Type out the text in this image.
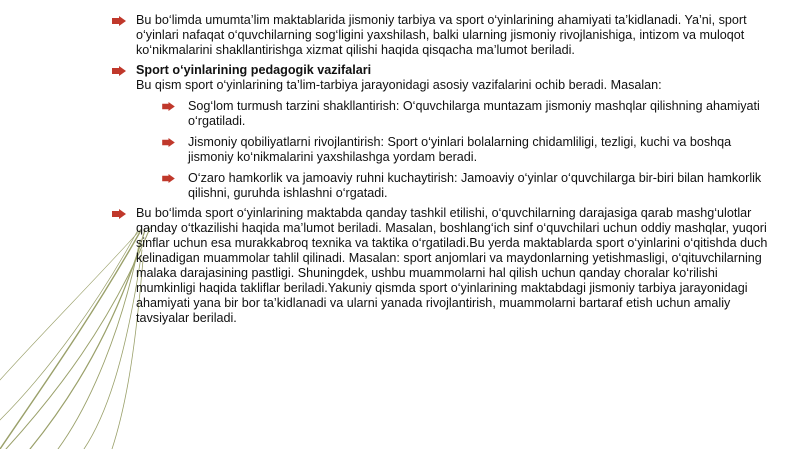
Bu bo‘limda umumta’lim maktablarida jismoniy tarbiya va sport o‘yinlarining ahamiyati ta’kidlanadi. Ya’ni, sport o‘yinlari nafaqat o‘quvchilarning sog‘ligini yaxshilash, balki ularning jismoniy rivojlanishiga, intizom va muloqot ko‘nikmalarini shakllantirishga xizmat qilishi haqida qisqacha ma’lumot beriladi.

Sport o‘yinlarining pedagogik vazifalari

Bu qism sport o‘yinlarining ta’lim-tarbiya jarayonidagi asosiy vazifalarini ochib beradi. Masalan:

Sog‘lom turmush tarzini shakllantirish: O‘quvchilarga muntazam jismoniy mashqlar qilishning ahamiyati o‘rgatiladi.

Jismoniy qobiliyatlarni rivojlantirish: Sport o‘yinlari bolalarning chidamliligi, tezligi, kuchi va boshqa jismoniy ko‘nikmalarini yaxshilashga yordam beradi.

O‘zaro hamkorlik va jamoaviy ruhni kuchaytirish: Jamoaviy o‘yinlar o‘quvchilarga bir-biri bilan hamkorlik qilishni, guruhda ishlashni o‘rgatadi.

Bu bo‘limda sport o‘yinlarining maktabda qanday tashkil etilishi, o‘quvchilarning darajasiga qarab mashg‘ulotlar qanday o‘tkazilishi haqida ma’lumot beriladi. Masalan, boshlang‘ich sinf o‘quvchilari uchun oddiy mashqlar, yuqori sinflar uchun esa murakkabroq texnika va taktika o‘rgatiladi.Bu yerda maktablarda sport o‘yinlarini o‘qitishda duch kelinadigan muammolar tahlil qilinadi. Masalan: sport anjomlari va maydonlarning yetishmasligi, o‘qituvchilarning malaka darajasining pastligi. Shuningdek, ushbu muammolarni hal qilish uchun qanday choralar ko‘rilishi mumkinligi haqida takliflar beriladi.Yakuniy qismda sport o‘yinlarining maktabdagi jismoniy tarbiya jarayonidagi ahamiyati yana bir bor ta’kidlanadi va ularni yanada rivojlantirish, muammolarni bartaraf etish uchun amaliy tavsiyalar beriladi.
